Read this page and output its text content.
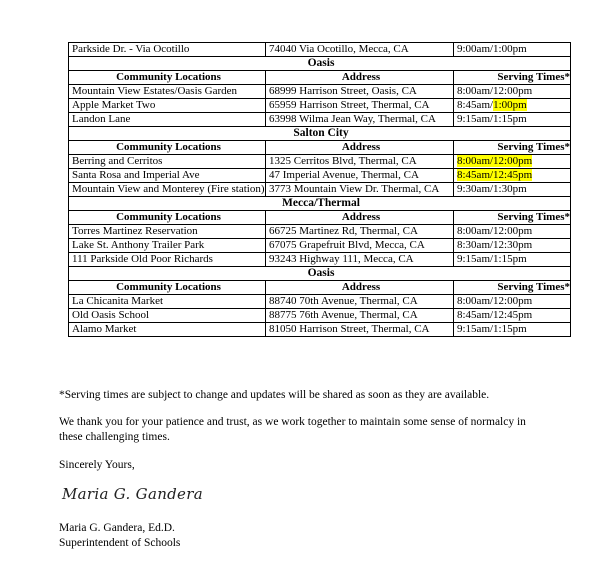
Parkside Dr. - Via Ocotillo	74040 Via Ocotillo, Mecca, CA	9:00am/1:00pm
Oasis		
Community Locations	Address	Serving Times*
Mountain View Estates/Oasis Garden	68999 Harrison Street, Oasis, CA	8:00am/12:00pm
Apple Market Two	65959 Harrison Street, Thermal, CA	8:45am/1:00pm
Landon Lane	63998 Wilma Jean Way, Thermal, CA	9:15am/1:15pm
Salton City		
Community Locations	Address	Serving Times*
Berring and Cerritos	1325 Cerritos Blvd, Thermal, CA	8:00am/12:00pm
Santa Rosa and Imperial Ave	47 Imperial Avenue, Thermal, CA	8:45am/12:45pm
Mountain View and Monterey (Fire station)	3773 Mountain View Dr. Thermal, CA	9:30am/1:30pm
Mecca/Thermal		
Community Locations	Address	Serving Times*
Torres Martinez Reservation	66725 Martinez Rd, Thermal, CA	8:00am/12:00pm
Lake St. Anthony Trailer Park	67075 Grapefruit Blvd, Mecca, CA	8:30am/12:30pm
111 Parkside Old Poor Richards	93243 Highway 111, Mecca, CA	9:15am/1:15pm
Oasis		
Community Locations	Address	Serving Times*
La Chicanita Market	88740 70th Avenue, Thermal, CA	8:00am/12:00pm
Old Oasis School	88775 76th Avenue, Thermal, CA	8:45am/12:45pm
Alamo Market	81050 Harrison Street, Thermal, CA	9:15am/1:15pm

*Serving times are subject to change and updates will be shared as soon as they are available.

We thank you for your patience and trust, as we work together to maintain some sense of normalcy in these challenging times.

Sincerely Yours,

Maria G. Gandera

Maria G. Gandera, Ed.D.

Superintendent of Schools
